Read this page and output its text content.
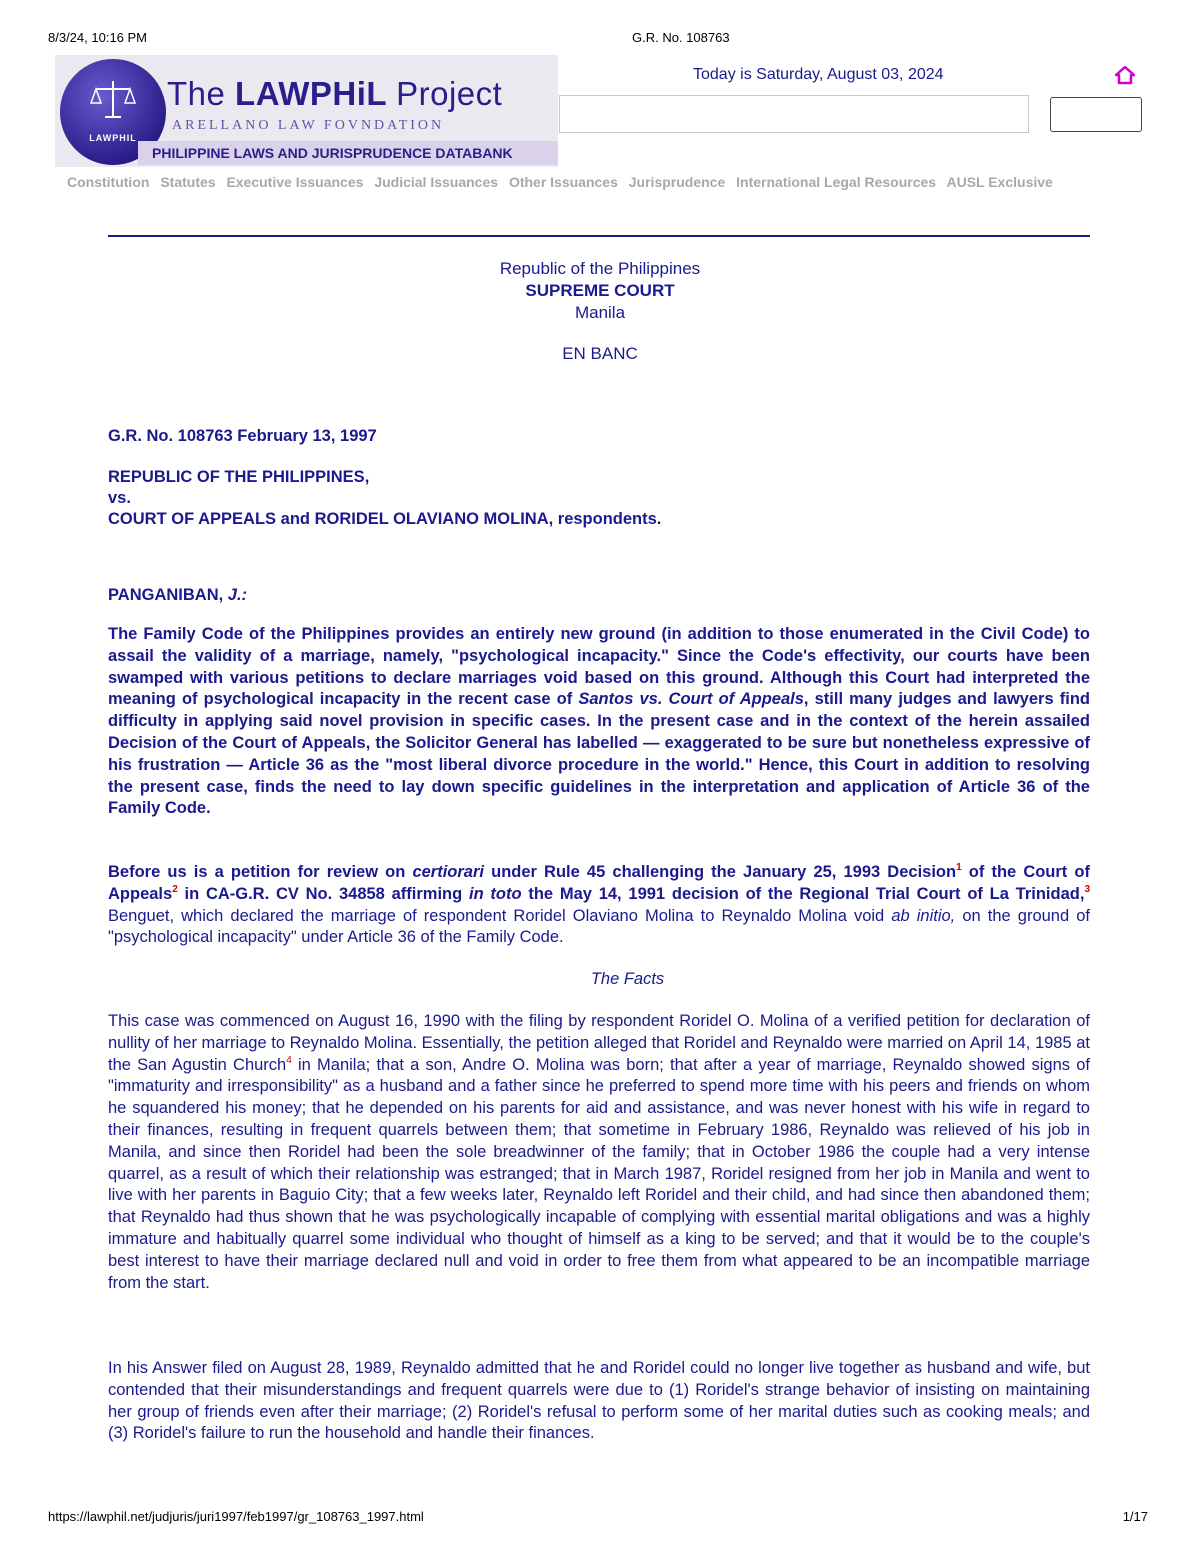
8/3/24, 10:16 PM	G.R. No. 108763
LAWPHIL
The LAWPHiL Project
ARELLANO LAW FOVNDATION
PHILIPPINE LAWS AND JURISPRUDENCE DATABANK
Today is Saturday, August 03, 2024
Constitution Statutes Executive Issuances Judicial Issuances Other Issuances Jurisprudence International Legal Resources AUSL Exclusive
Republic of the Philippines
SUPREME COURT
Manila
EN BANC
G.R. No. 108763 February 13, 1997
REPUBLIC OF THE PHILIPPINES,
vs.
COURT OF APPEALS and RORIDEL OLAVIANO MOLINA, respondents.
PANGANIBAN, J.:
The Family Code of the Philippines provides an entirely new ground (in addition to those enumerated in the Civil Code) to assail the validity of a marriage, namely, "psychological incapacity." Since the Code's effectivity, our courts have been swamped with various petitions to declare marriages void based on this ground. Although this Court had interpreted the meaning of psychological incapacity in the recent case of Santos vs. Court of Appeals, still many judges and lawyers find difficulty in applying said novel provision in specific cases. In the present case and in the context of the herein assailed Decision of the Court of Appeals, the Solicitor General has labelled — exaggerated to be sure but nonetheless expressive of his frustration — Article 36 as the "most liberal divorce procedure in the world." Hence, this Court in addition to resolving the present case, finds the need to lay down specific guidelines in the interpretation and application of Article 36 of the Family Code.
Before us is a petition for review on certiorari under Rule 45 challenging the January 25, 1993 Decision$^1$ of the Court of Appeals$^2$ in CA-G.R. CV No. 34858 affirming in toto the May 14, 1991 decision of the Regional Trial Court of La Trinidad,$^3$ Benguet, which declared the marriage of respondent Roridel Olaviano Molina to Reynaldo Molina void ab initio, on the ground of "psychological incapacity" under Article 36 of the Family Code.
The Facts
This case was commenced on August 16, 1990 with the filing by respondent Roridel O. Molina of a verified petition for declaration of nullity of her marriage to Reynaldo Molina. Essentially, the petition alleged that Roridel and Reynaldo were married on April 14, 1985 at the San Agustin Church$^4$ in Manila; that a son, Andre O. Molina was born; that after a year of marriage, Reynaldo showed signs of "immaturity and irresponsibility" as a husband and a father since he preferred to spend more time with his peers and friends on whom he squandered his money; that he depended on his parents for aid and assistance, and was never honest with his wife in regard to their finances, resulting in frequent quarrels between them; that sometime in February 1986, Reynaldo was relieved of his job in Manila, and since then Roridel had been the sole breadwinner of the family; that in October 1986 the couple had a very intense quarrel, as a result of which their relationship was estranged; that in March 1987, Roridel resigned from her job in Manila and went to live with her parents in Baguio City; that a few weeks later, Reynaldo left Roridel and their child, and had since then abandoned them; that Reynaldo had thus shown that he was psychologically incapable of complying with essential marital obligations and was a highly immature and habitually quarrel some individual who thought of himself as a king to be served; and that it would be to the couple's best interest to have their marriage declared null and void in order to free them from what appeared to be an incompatible marriage from the start.
In his Answer filed on August 28, 1989, Reynaldo admitted that he and Roridel could no longer live together as husband and wife, but contended that their misunderstandings and frequent quarrels were due to (1) Roridel's strange behavior of insisting on maintaining her group of friends even after their marriage; (2) Roridel's refusal to perform some of her marital duties such as cooking meals; and (3) Roridel's failure to run the household and handle their finances.
https://lawphil.net/judjuris/juri1997/feb1997/gr_108763_1997.html	1/17
